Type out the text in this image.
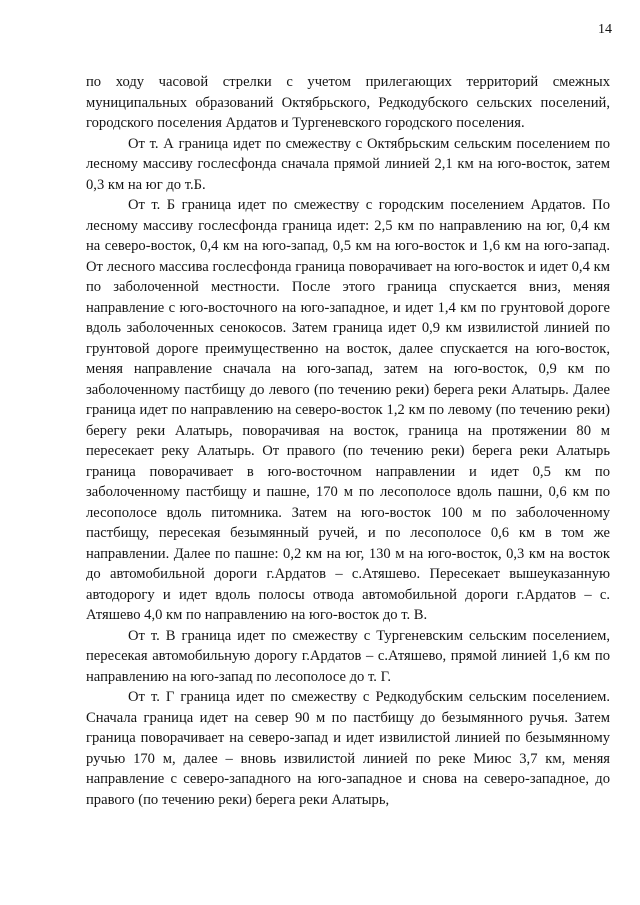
14

по ходу часовой стрелки с учетом прилегающих территорий смежных муниципальных образований Октябрьского, Редкодубского сельских поселений, городского поселения Ардатов и Тургеневского городского поселения.

От т. А граница идет по смежеству с Октябрьским сельским поселением по лесному массиву гослесфонда сначала прямой линией 2,1 км на юго-восток, затем 0,3 км на юг до т.Б.

От т. Б граница идет по смежеству с городским поселением Ардатов. По лесному массиву гослесфонда граница идет: 2,5 км по направлению на юг, 0,4 км на северо-восток, 0,4 км на юго-запад, 0,5 км на юго-восток и 1,6 км на юго-запад. От лесного массива гослесфонда граница поворачивает на юго-восток и идет 0,4 км по заболоченной местности. После этого граница спускается вниз, меняя направление с юго-восточного на юго-западное, и идет 1,4 км по грунтовой дороге вдоль заболоченных сенокосов. Затем граница идет 0,9 км извилистой линией по грунтовой дороге преимущественно на восток, далее спускается на юго-восток, меняя направление сначала на юго-запад, затем на юго-восток, 0,9 км по заболоченному пастбищу до левого (по течению реки) берега реки Алатырь. Далее граница идет по направлению на северо-восток 1,2 км по левому (по течению реки) берегу реки Алатырь, поворачивая на восток, граница на протяжении 80 м пересекает реку Алатырь. От правого (по течению реки) берега реки Алатырь граница поворачивает в юго-восточном направлении и идет 0,5 км по заболоченному пастбищу и пашне, 170 м по лесополосе вдоль пашни, 0,6 км по лесополосе вдоль питомника. Затем на юго-восток 100 м по заболоченному пастбищу, пересекая безымянный ручей, и по лесополосе 0,6 км в том же направлении. Далее по пашне: 0,2 км на юг, 130 м на юго-восток, 0,3 км на восток до автомобильной дороги г.Ардатов – с.Атяшево. Пересекает вышеуказанную автодорогу и идет вдоль полосы отвода автомобильной дороги г.Ардатов – с. Атяшево 4,0 км по направлению на юго-восток до т. В.

От т. В граница идет по смежеству с Тургеневским сельским поселением, пересекая автомобильную дорогу г.Ардатов – с.Атяшево, прямой линией 1,6 км по направлению на юго-запад по лесополосе до т. Г.

От т. Г граница идет по смежеству с Редкодубским сельским поселением. Сначала граница идет на север 90 м по пастбищу до безымянного ручья. Затем граница поворачивает на северо-запад и идет извилистой линией по безымянному ручью 170 м, далее – вновь извилистой линией по реке Миюс 3,7 км, меняя направление с северо-западного на юго-западное и снова на северо-западное, до правого (по течению реки) берега реки Алатырь,
